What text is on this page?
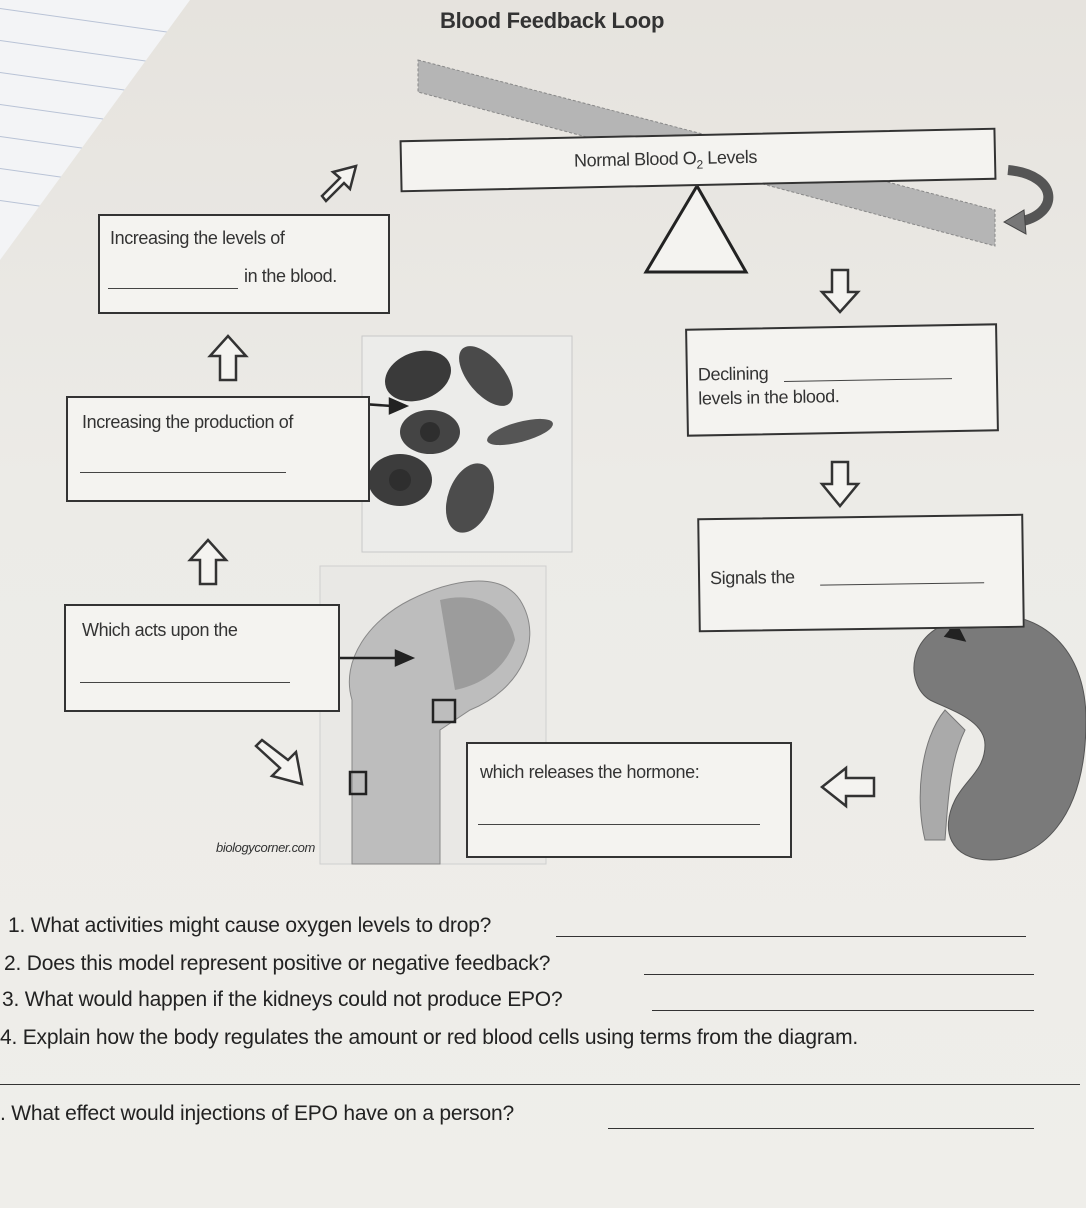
Blood Feedback Loop
Normal Blood $O_2$ Levels
Increasing the levels of
in the blood.
Declining
levels in the blood.
Increasing the production of
Signals the
Which acts upon the
which releases the hormone:
biologycorner.com
1. What activities might cause oxygen levels to drop?
2. Does this model represent positive or negative feedback?
3. What would happen if the kidneys could not produce EPO?
4. Explain how the body regulates the amount or red blood cells using terms from the diagram.
. What effect would injections of EPO have on a person?
